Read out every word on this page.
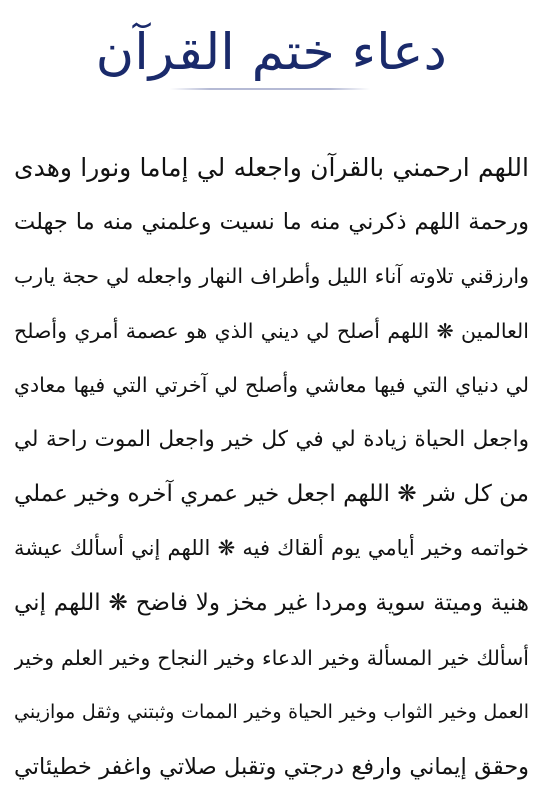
دعاء ختم القرآن
اللهم ارحمني بالقرآن واجعله لي إماما ونورا وهدى
ورحمة اللهم ذكرني منه ما نسيت وعلمني منه ما جهلت
وارزقني تلاوته آناء الليل وأطراف النهار واجعله لي حجة يارب
العالمين ❋ اللهم أصلح لي ديني الذي هو عصمة أمري وأصلح
لي دنياي التي فيها معاشي وأصلح لي آخرتي التي فيها معادي
واجعل الحياة زيادة لي في كل خير واجعل الموت راحة لي
من كل شر ❋ اللهم اجعل خير عمري آخره وخير عملي
خواتمه وخير أيامي يوم ألقاك فيه ❋ اللهم إني أسألك عيشة
هنية وميتة سوية ومردا غير مخز ولا فاضح ❋ اللهم إني
أسألك خير المسألة وخير الدعاء وخير النجاح وخير العلم وخير
العمل وخير الثواب وخير الحياة وخير الممات وثبتني وثقل موازيني
وحقق إيماني وارفع درجتي وتقبل صلاتي واغفر خطيئاتي
